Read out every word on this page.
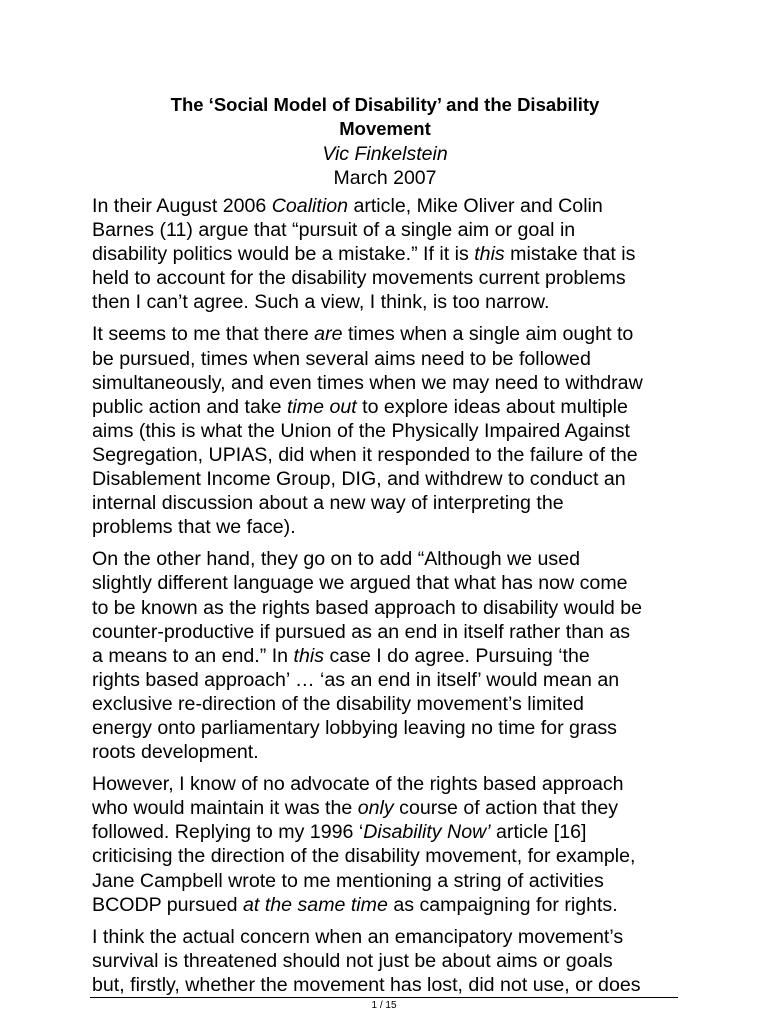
The ‘Social Model of Disability’ and the Disability
Movement
Vic Finkelstein
March 2007

In their August 2006 Coalition article, Mike Oliver and Colin
Barnes (11) argue that “pursuit of a single aim or goal in
disability politics would be a mistake.” If it is this mistake that is
held to account for the disability movements current problems
then I can’t agree. Such a view, I think, is too narrow.

It seems to me that there are times when a single aim ought to
be pursued, times when several aims need to be followed
simultaneously, and even times when we may need to withdraw
public action and take time out to explore ideas about multiple
aims (this is what the Union of the Physically Impaired Against
Segregation, UPIAS, did when it responded to the failure of the
Disablement Income Group, DIG, and withdrew to conduct an
internal discussion about a new way of interpreting the
problems that we face).

On the other hand, they go on to add “Although we used
slightly different language we argued that what has now come
to be known as the rights based approach to disability would be
counter-productive if pursued as an end in itself rather than as
a means to an end.” In this case I do agree. Pursuing ‘the
rights based approach’ … ‘as an end in itself’ would mean an
exclusive re-direction of the disability movement’s limited
energy onto parliamentary lobbying leaving no time for grass
roots development.

However, I know of no advocate of the rights based approach
who would maintain it was the only course of action that they
followed. Replying to my 1996 ‘Disability Now’ article [16]
criticising the direction of the disability movement, for example,
Jane Campbell wrote to me mentioning a string of activities
BCODP pursued at the same time as campaigning for rights.

I think the actual concern when an emancipatory movement’s
survival is threatened should not just be about aims or goals
but, firstly, whether the movement has lost, did not use, or does

1 / 15
